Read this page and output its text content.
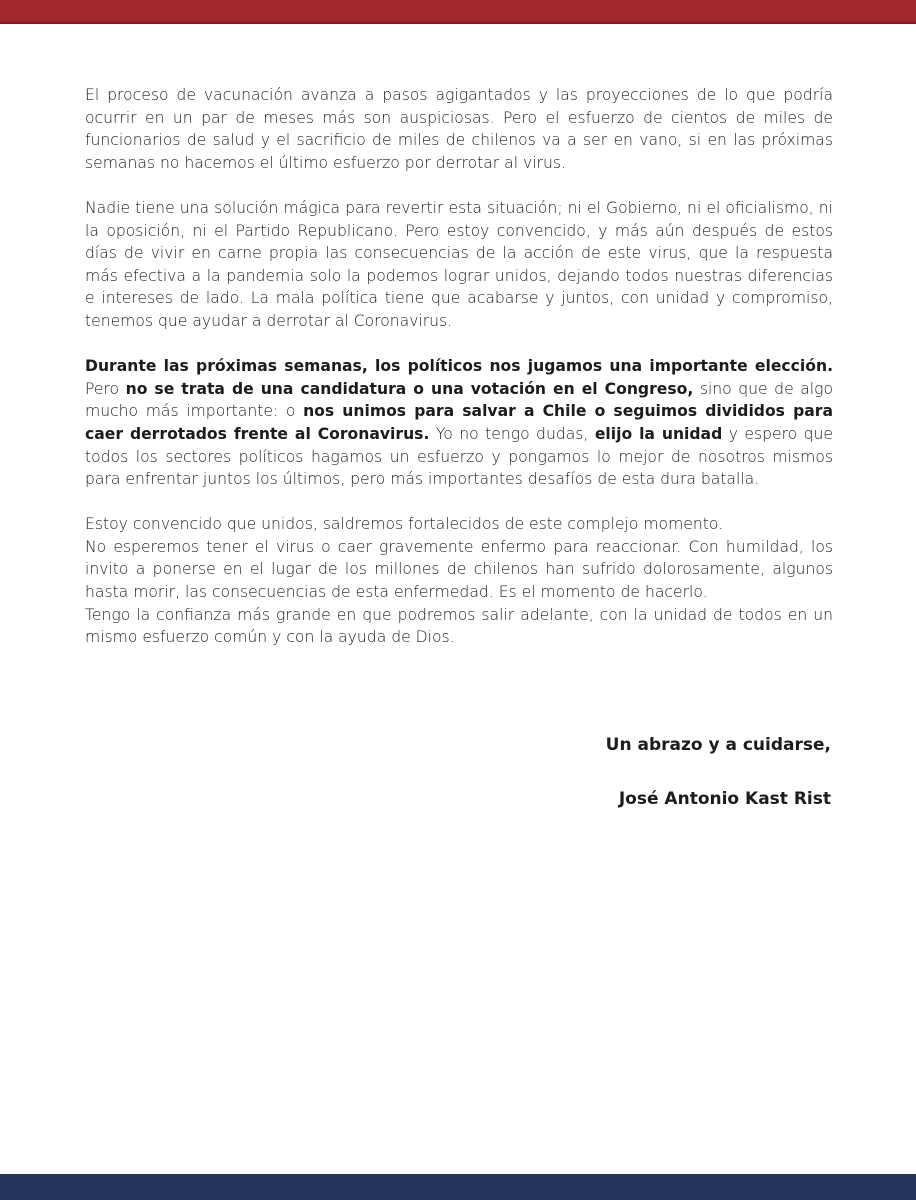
El proceso de vacunación avanza a pasos agigantados y las proyecciones de lo que podría ocurrir en un par de meses más son auspiciosas. Pero el esfuerzo de cientos de miles de funcionarios de salud y el sacrificio de miles de chilenos va a ser en vano, si en las próximas semanas no hacemos el último esfuerzo por derrotar al virus.

Nadie tiene una solución mágica para revertir esta situación; ni el Gobierno, ni el oficialismo, ni la oposición, ni el Partido Republicano. Pero estoy convencido, y más aún después de estos días de vivir en carne propia las consecuencias de la acción de este virus, que la respuesta más efectiva a la pandemia solo la podemos lograr unidos, dejando todos nuestras diferencias e intereses de lado. La mala política tiene que acabarse y juntos, con unidad y compromiso, tenemos que ayudar a derrotar al Coronavirus.

Durante las próximas semanas, los políticos nos jugamos una importante elección. Pero no se trata de una candidatura o una votación en el Congreso, sino que de algo mucho más importante: o nos unimos para salvar a Chile o seguimos divididos para caer derrotados frente al Coronavirus. Yo no tengo dudas, elijo la unidad y espero que todos los sectores políticos hagamos un esfuerzo y pongamos lo mejor de nosotros mismos para enfrentar juntos los últimos, pero más importantes desafíos de esta dura batalla.

Estoy convencido que unidos, saldremos fortalecidos de este complejo momento.
No esperemos tener el virus o caer gravemente enfermo para reaccionar. Con humildad, los invito a ponerse en el lugar de los millones de chilenos han sufrido dolorosamente, algunos hasta morir, las consecuencias de esta enfermedad. Es el momento de hacerlo.
Tengo la confianza más grande en que podremos salir adelante, con la unidad de todos en un mismo esfuerzo común y con la ayuda de Dios.

Un abrazo y a cuidarse,

José Antonio Kast Rist
